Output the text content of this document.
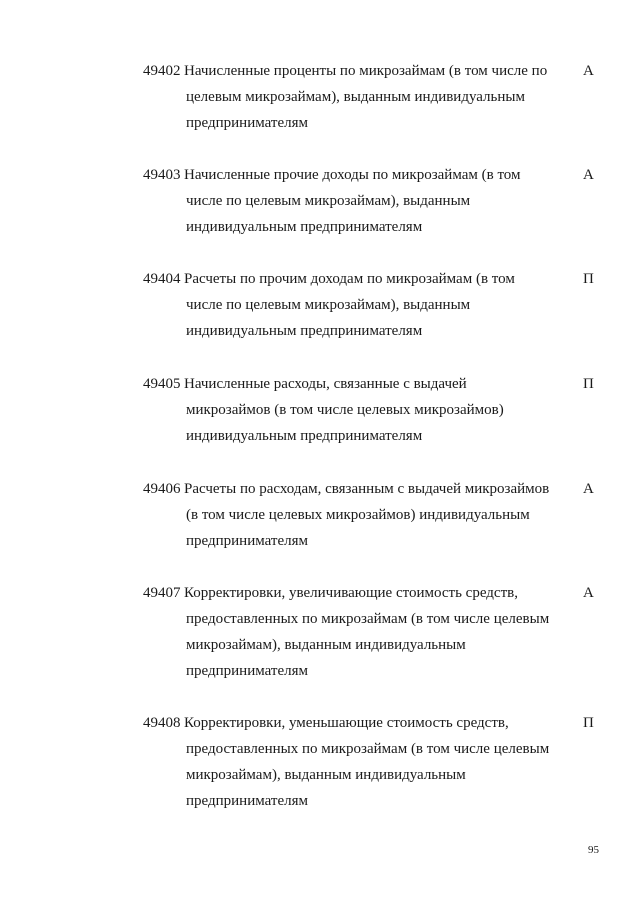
49402 Начисленные проценты по микрозаймам (в том числе по
целевым микрозаймам), выданным индивидуальным
предпринимателям
А
49403 Начисленные прочие доходы по микрозаймам (в том
числе по целевым микрозаймам), выданным
индивидуальным предпринимателям
А
49404 Расчеты по прочим доходам по микрозаймам (в том
числе по целевым микрозаймам), выданным
индивидуальным предпринимателям
П
49405 Начисленные расходы, связанные с выдачей
микрозаймов (в том числе целевых микрозаймов)
индивидуальным предпринимателям
П
49406 Расчеты по расходам, связанным с выдачей микрозаймов
(в том числе целевых микрозаймов) индивидуальным
предпринимателям
А
49407 Корректировки, увеличивающие стоимость средств,
предоставленных по микрозаймам (в том числе целевым
микрозаймам), выданным индивидуальным
предпринимателям
А
49408 Корректировки, уменьшающие стоимость средств,
предоставленных по микрозаймам (в том числе целевым
микрозаймам), выданным индивидуальным
предпринимателям
П
95
